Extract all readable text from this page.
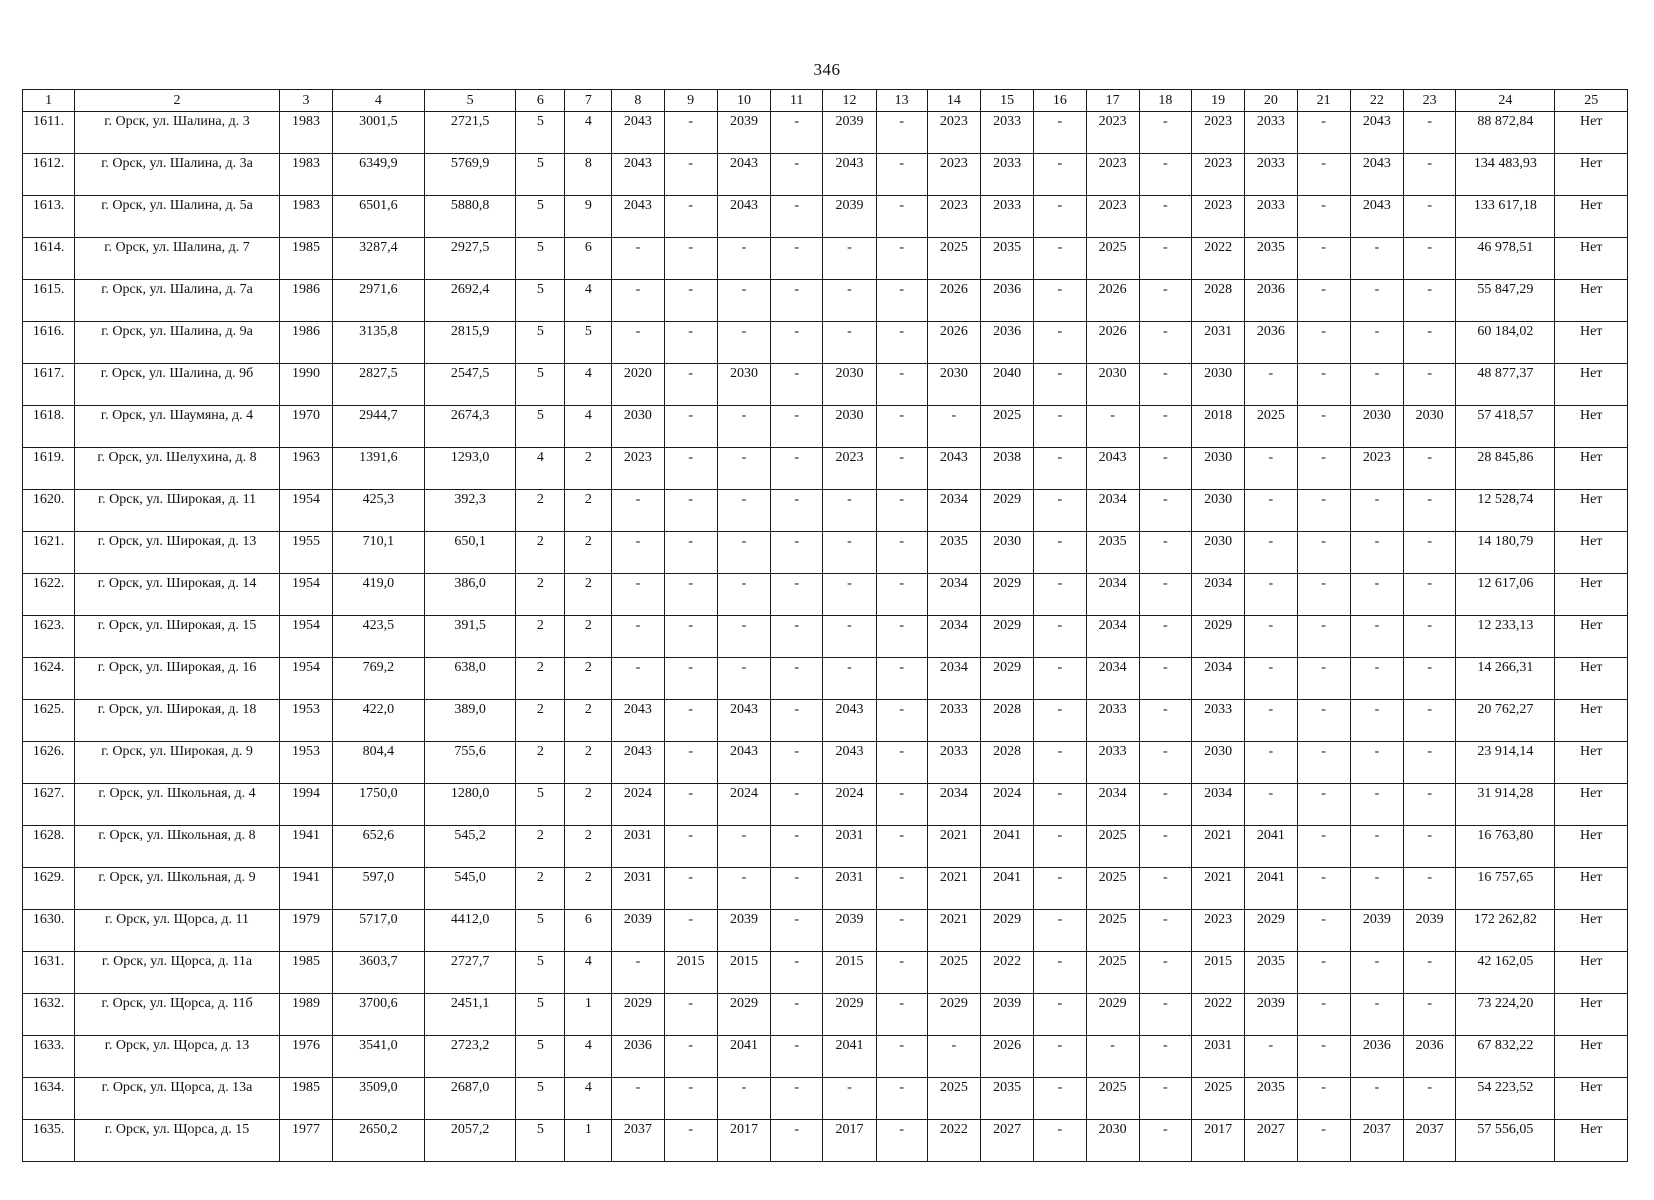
346
1	2	3	4	5	6	7	8	9	10	11	12	13	14	15	16	17	18	19	20	21	22	23	24	25
1611.	г. Орск, ул. Шалина, д. 3	1983	3001,5	2721,5	5	4	2043	-	2039	-	2039	-	2023	2033	-	2023	-	2023	2033	-	2043	-	88 872,84	Нет
1612.	г. Орск, ул. Шалина, д. 3а	1983	6349,9	5769,9	5	8	2043	-	2043	-	2043	-	2023	2033	-	2023	-	2023	2033	-	2043	-	134 483,93	Нет
1613.	г. Орск, ул. Шалина, д. 5а	1983	6501,6	5880,8	5	9	2043	-	2043	-	2039	-	2023	2033	-	2023	-	2023	2033	-	2043	-	133 617,18	Нет
1614.	г. Орск, ул. Шалина, д. 7	1985	3287,4	2927,5	5	6	-	-	-	-	-	-	2025	2035	-	2025	-	2022	2035	-	-	-	46 978,51	Нет
1615.	г. Орск, ул. Шалина, д. 7а	1986	2971,6	2692,4	5	4	-	-	-	-	-	-	2026	2036	-	2026	-	2028	2036	-	-	-	55 847,29	Нет
1616.	г. Орск, ул. Шалина, д. 9а	1986	3135,8	2815,9	5	5	-	-	-	-	-	-	2026	2036	-	2026	-	2031	2036	-	-	-	60 184,02	Нет
1617.	г. Орск, ул. Шалина, д. 9б	1990	2827,5	2547,5	5	4	2020	-	2030	-	2030	-	2030	2040	-	2030	-	2030	-	-	-	-	48 877,37	Нет
1618.	г. Орск, ул. Шаумяна, д. 4	1970	2944,7	2674,3	5	4	2030	-	-	-	2030	-	-	2025	-	-	-	2018	2025	-	2030	2030	57 418,57	Нет
1619.	г. Орск, ул. Шелухина, д. 8	1963	1391,6	1293,0	4	2	2023	-	-	-	2023	-	2043	2038	-	2043	-	2030	-	-	2023	-	28 845,86	Нет
1620.	г. Орск, ул. Широкая, д. 11	1954	425,3	392,3	2	2	-	-	-	-	-	-	2034	2029	-	2034	-	2030	-	-	-	-	12 528,74	Нет
1621.	г. Орск, ул. Широкая, д. 13	1955	710,1	650,1	2	2	-	-	-	-	-	-	2035	2030	-	2035	-	2030	-	-	-	-	14 180,79	Нет
1622.	г. Орск, ул. Широкая, д. 14	1954	419,0	386,0	2	2	-	-	-	-	-	-	2034	2029	-	2034	-	2034	-	-	-	-	12 617,06	Нет
1623.	г. Орск, ул. Широкая, д. 15	1954	423,5	391,5	2	2	-	-	-	-	-	-	2034	2029	-	2034	-	2029	-	-	-	-	12 233,13	Нет
1624.	г. Орск, ул. Широкая, д. 16	1954	769,2	638,0	2	2	-	-	-	-	-	-	2034	2029	-	2034	-	2034	-	-	-	-	14 266,31	Нет
1625.	г. Орск, ул. Широкая, д. 18	1953	422,0	389,0	2	2	2043	-	2043	-	2043	-	2033	2028	-	2033	-	2033	-	-	-	-	20 762,27	Нет
1626.	г. Орск, ул. Широкая, д. 9	1953	804,4	755,6	2	2	2043	-	2043	-	2043	-	2033	2028	-	2033	-	2030	-	-	-	-	23 914,14	Нет
1627.	г. Орск, ул. Школьная, д. 4	1994	1750,0	1280,0	5	2	2024	-	2024	-	2024	-	2034	2024	-	2034	-	2034	-	-	-	-	31 914,28	Нет
1628.	г. Орск, ул. Школьная, д. 8	1941	652,6	545,2	2	2	2031	-	-	-	2031	-	2021	2041	-	2025	-	2021	2041	-	-	-	16 763,80	Нет
1629.	г. Орск, ул. Школьная, д. 9	1941	597,0	545,0	2	2	2031	-	-	-	2031	-	2021	2041	-	2025	-	2021	2041	-	-	-	16 757,65	Нет
1630.	г. Орск, ул. Щорса, д. 11	1979	5717,0	4412,0	5	6	2039	-	2039	-	2039	-	2021	2029	-	2025	-	2023	2029	-	2039	2039	172 262,82	Нет
1631.	г. Орск, ул. Щорса, д. 11а	1985	3603,7	2727,7	5	4	-	2015	2015	-	2015	-	2025	2022	-	2025	-	2015	2035	-	-	-	42 162,05	Нет
1632.	г. Орск, ул. Щорса, д. 11б	1989	3700,6	2451,1	5	1	2029	-	2029	-	2029	-	2029	2039	-	2029	-	2022	2039	-	-	-	73 224,20	Нет
1633.	г. Орск, ул. Щорса, д. 13	1976	3541,0	2723,2	5	4	2036	-	2041	-	2041	-	-	2026	-	-	-	2031	-	-	2036	2036	67 832,22	Нет
1634.	г. Орск, ул. Щорса, д. 13а	1985	3509,0	2687,0	5	4	-	-	-	-	-	-	2025	2035	-	2025	-	2025	2035	-	-	-	54 223,52	Нет
1635.	г. Орск, ул. Щорса, д. 15	1977	2650,2	2057,2	5	1	2037	-	2017	-	2017	-	2022	2027	-	2030	-	2017	2027	-	2037	2037	57 556,05	Нет
